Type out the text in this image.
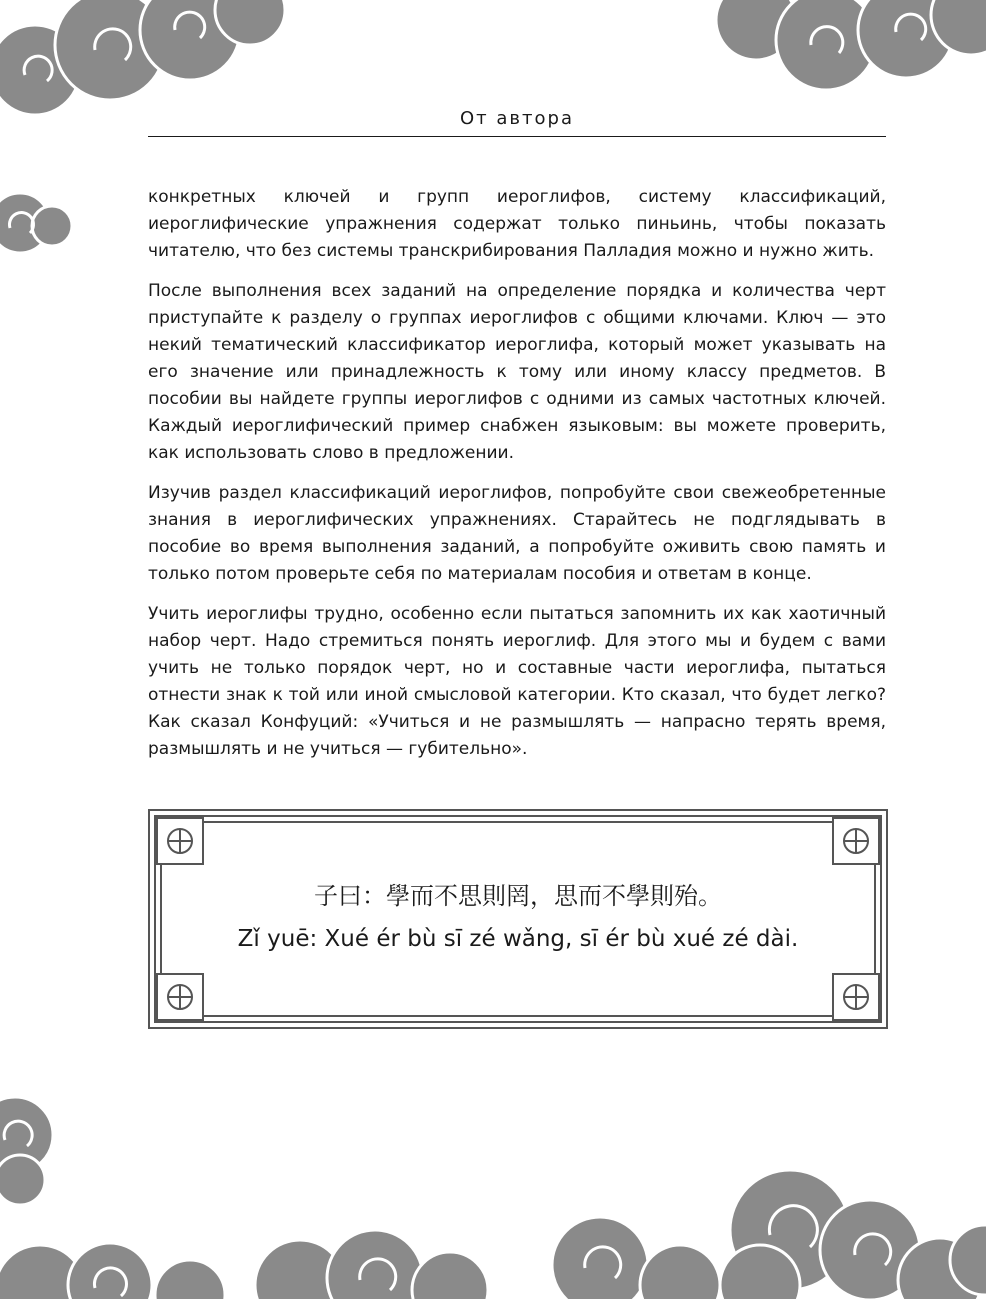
От автора

конкретных ключей и групп иероглифов, систему классификаций, иероглифические упражнения содержат только пиньинь, чтобы показать читателю, что без системы транскрибирования Палладия можно и нужно жить.

После выполнения всех заданий на определение порядка и количества черт приступайте к разделу о группах иероглифов с общими ключами. Ключ — это некий тематический классификатор иероглифа, который может указывать на его значение или принадлежность к тому или иному классу предметов. В пособии вы найдете группы иероглифов с одними из самых частотных ключей. Каждый иероглифический пример снабжен языковым: вы можете проверить, как использовать слово в предложении.

Изучив раздел классификаций иероглифов, попробуйте свои свежеобретенные знания в иероглифических упражнениях. Старайтесь не подглядывать в пособие во время выполнения заданий, а попробуйте оживить свою память и только потом проверьте себя по материалам пособия и ответам в конце.

Учить иероглифы трудно, особенно если пытаться запомнить их как хаотичный набор черт. Надо стремиться понять иероглиф. Для этого мы и будем с вами учить не только порядок черт, но и составные части иероглифа, пытаться отнести знак к той или иной смысловой категории. Кто сказал, что будет легко? Как сказал Конфуций: «Учиться и не размышлять — напрасно терять время, размышлять и не учиться — губительно».

子曰：學而不思則罔，思而不學則殆。
Zǐ yuē: Xué ér bù sī zé wǎng, sī ér bù xué zé dài.
